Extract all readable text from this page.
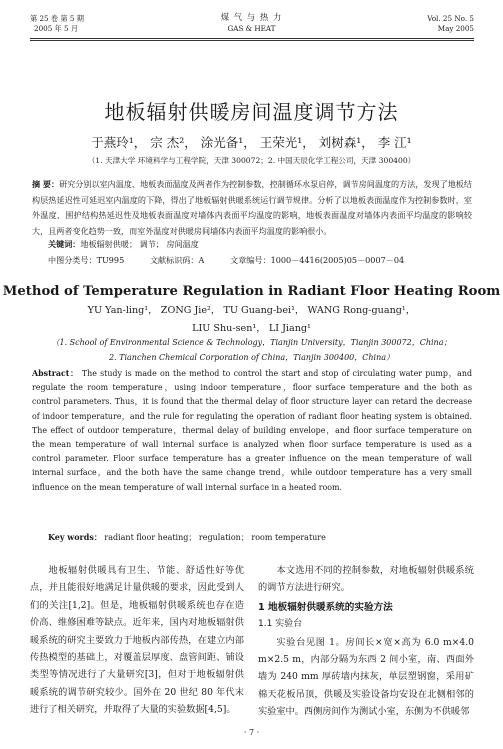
第 25 卷 第 5 期
2005 年 5 月
煤 气 与 热 力
GAS & HEAT
Vol. 25 No. 5
May 2005
地板辐射供暖房间温度调节方法
于燕玲¹， 宗 杰²， 涂光备¹， 王荣光¹， 刘树森¹， 李 江¹
（1. 天津大学 环境科学与工程学院，天津 300072；2. 中国天辰化学工程公司，天津 300400）
摘 要：研究分别以室内温度、地板表面温度及两者作为控制参数，控制循环水泵启停，调节房间温度的方法，发现了地板结构层热延迟性可延迟室内温度的下降，得出了地板辐射供暖系统运行调节规律。分析了以地板表面温度作为控制参数时，室外温度、围护结构热延迟性及地板表面温度对墙体内表面平均温度的影响，地板表面温度对墙体内表面平均温度的影响较大，且两者变化趋势一致，而室外温度对供暖房间墙体内表面平均温度的影响很小。
关键词：地板辐射供暖； 调节； 房间温度
中图分类号：TU995          文献标识码：A          文章编号：1000－4416(2005)05－0007－04
Method of Temperature Regulation in Radiant Floor Heating Room
YU Yan-ling¹， ZONG Jie²， TU Guang-bei¹， WANG Rong-guang¹，
LIU Shu-sen¹， LI Jiang¹
（1. School of Environmental Science & Technology，Tianjin University，Tianjin 300072，China；
2. Tianchen Chemical Corporation of China，Tianjin 300400，China）
Abstract： The study is made on the method to control the start and stop of circulating water pump，and regulate the room temperature，using indoor temperature，floor surface temperature and the both as control parameters. Thus，it is found that the thermal delay of floor structure layer can retard the decrease of indoor temperature，and the rule for regulating the operation of radiant floor heating system is obtained. The effect of outdoor temperature，thermal delay of building envelope，and floor surface temperature on the mean temperature of wall internal surface is analyzed when floor surface temperature is used as a control parameter. Floor surface temperature has a greater influence on the mean temperature of wall internal surface，and the both have the same change trend，while outdoor temperature has a very small influence on the mean temperature of wall internal surface in a heated room.
Key words： radiant floor heating； regulation； room temperature

地板辐射供暖具有卫生、节能、舒适性好等优点，并且能很好地满足计量供暖的要求，因此受到人们的关注[1,2]。但是，地板辐射供暖系统也存在造价高、维修困难等缺点。近年来，国内对地板辐射供暖系统的研究主要致力于地板内部传热，在建立内部传热模型的基础上，对覆盖层厚度、盘管间距、铺设类型等情况进行了大量研究[3]，但对于地板辐射供暖系统的调节研究较少。国外在 20 世纪 80 年代末进行了相关研究，并取得了大量的实验数据[4,5]。

本文选用不同的控制参数，对地板辐射供暖系统的调节方法进行研究。

1 地板辐射供暖系统的实验方法

1.1 实验台

实验台见图 1。房间长×宽×高为 6.0 m×4.0 m×2.5 m，内部分隔为东西 2 间小室，南、西面外墙为 240 mm 厚砖墙内抹灰，单层塑钢窗，采用矿棉天花板吊顶，供暖及实验设备均安设在北侧相邻的实验室中。西侧房间作为测试小室，东侧为不供暖邻

· 7 ·
